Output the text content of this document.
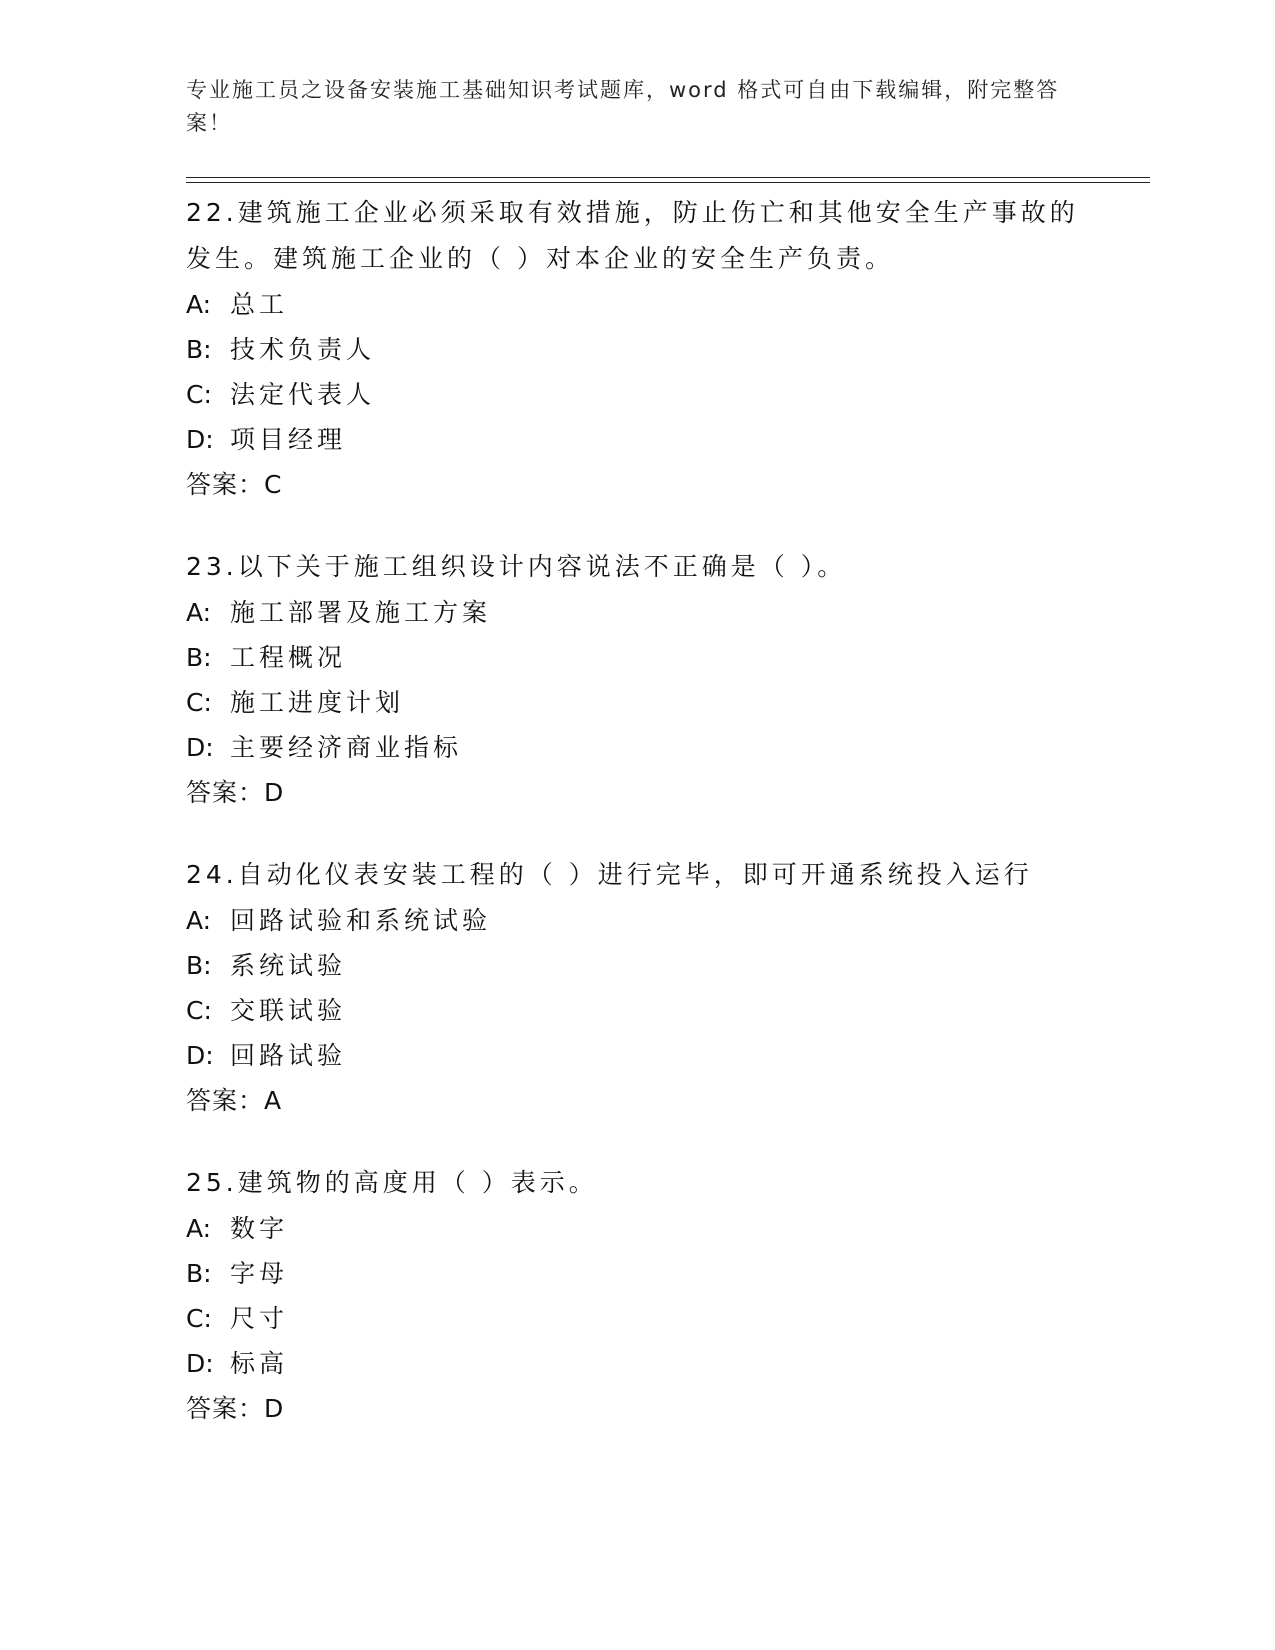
专业施工员之设备安装施工基础知识考试题库，word 格式可自由下载编辑，附完整答案！

22.建筑施工企业必须采取有效措施，防止伤亡和其他安全生产事故的发生。建筑施工企业的（ ）对本企业的安全生产负责。

A: 总工

B: 技术负责人

C: 法定代表人

D: 项目经理

答案：C

23.以下关于施工组织设计内容说法不正确是（ ）。

A: 施工部署及施工方案

B: 工程概况

C: 施工进度计划

D: 主要经济商业指标

答案：D

24.自动化仪表安装工程的（ ）进行完毕，即可开通系统投入运行

A: 回路试验和系统试验

B: 系统试验

C: 交联试验

D: 回路试验

答案：A

25.建筑物的高度用（ ）表示。

A: 数字

B: 字母

C: 尺寸

D: 标高

答案：D
